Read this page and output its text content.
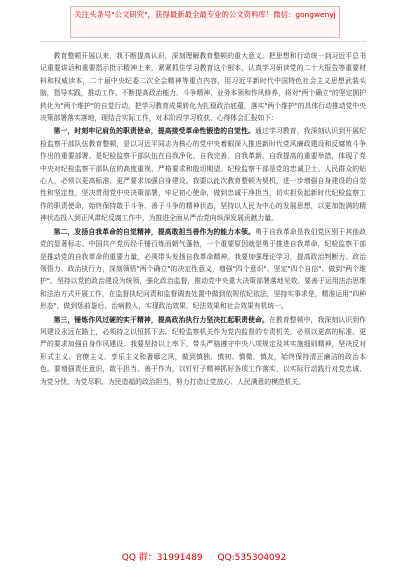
关注头条号"公文研究"，获得最新最全最专业的公文资料库！微信：gongwenyj

教育整顿开展以来，我不断提高认识，深刻理解教育整顿的重大意义。把思想和行动统一到习近平总书记重要讲话和重要指示批示精神上来，紧紧抓住学习教育这个根本，认真学习研读党的二十大报告等重要材料和权威读本，二十届中央纪委二次全会精神等重点内容，用习近平新时代中国特色社会主义思想武装头脑，指导实践，推动工作。不断提高政治能力、斗争精神、业务本领和作风修养，将对"两个确立"的坚定拥护转化为"两个维护"的自觉行动，把学习教育成果转化为扎稳政治底蕴，落实"两个维护"的具体行动推动党中央决策部署落实落地，现结合实际工作，对本阶段学习收获、心得体会汇报如下：

第一，时刻牢记肩负的职责使命，提高接受革命性锻造的自觉性。通过学习教育，我深刻认识到开展纪检监察干部队伍教育整顿，是以习近平同志为核心的党中央着眼深入推进新时代党风廉政建设和反腐败斗争作出的重要部署。是纪检监察干部队伍在自我净化、自我完善、自我革新、自我提高的重要举措，体现了党中央对纪检监察干部队伍的高度重视、严格要求和殷切期望。纪检监察干部是党的忠诚卫士、人民群众的贴心人，必须以更高标准、更严要求加强自身建设。我要以此次教育整顿为契机，进一步增强自身建设的自觉性和坚定性，坚决贯彻党中央决策部署，牢记初心使命，做到忠诚干净担当，切实担负起新时代纪检监察工作的职责使命，始终保持敢于斗争、善于斗争的精神状态，坚持以人民为中心的发展思想，以更加饱满的精神状态投入到正风肃纪反腐工作中，为推进全面从严治党向纵深发展贡献力量。

第二，发扬自我革命的自觉精神，提高敢担当善作为的能力本领。勇于自我革命是我们党区别于其他政党的显著标志。中国共产党历经千锤百炼而朝气蓬勃，一个重要原因就是勇于推进自我革命，纪检监察干部是推动党的自我革命的重要力量，必须带头发扬自我革命精神。我要加强理论学习，提高政治判断力、政治领悟力、政治执行力，深刻领悟"两个确立"的决定性意义，增强"四个意识"、坚定"四个自信"、做到"两个维护"。坚持以党的政治建设为统领，强化政治监督，推动党中央重大决策部署落地见效。要善于运用法治思维和法治方式开展工作，在监督执纪问责和监督调查处置中做到依规依纪依法，坚持实事求是，精准运用"四种形态"，做到惩前毖后、治病救人，实现政治效果、纪法效果和社会效果有机统一。

第三，锤炼作风过硬的实干精神，提高政治执行力坚决扛起职责使命。在教育整顿中，我深刻认识到作风建设永远在路上，必须持之以恒抓下去。纪检监察机关作为党内监督的专责机关，必须以更高的标准、更严的要求加强自身作风建设。我要坚持以上率下，带头严格遵守中央八项规定及其实施细则精神，坚决反对形式主义、官僚主义、享乐主义和奢靡之风，做到慎独、慎初、慎微、慎友，始终保持清正廉洁的政治本色。要增强责任意识，敢于担当、善于作为，以钉钉子精神抓好各项工作落实，以实际行动践行对党忠诚、为党分忧、为党尽职、为民造福的政治担当，努力打造让党放心、人民满意的模范机关。

QQ 群：31991489 QQ:535304092
